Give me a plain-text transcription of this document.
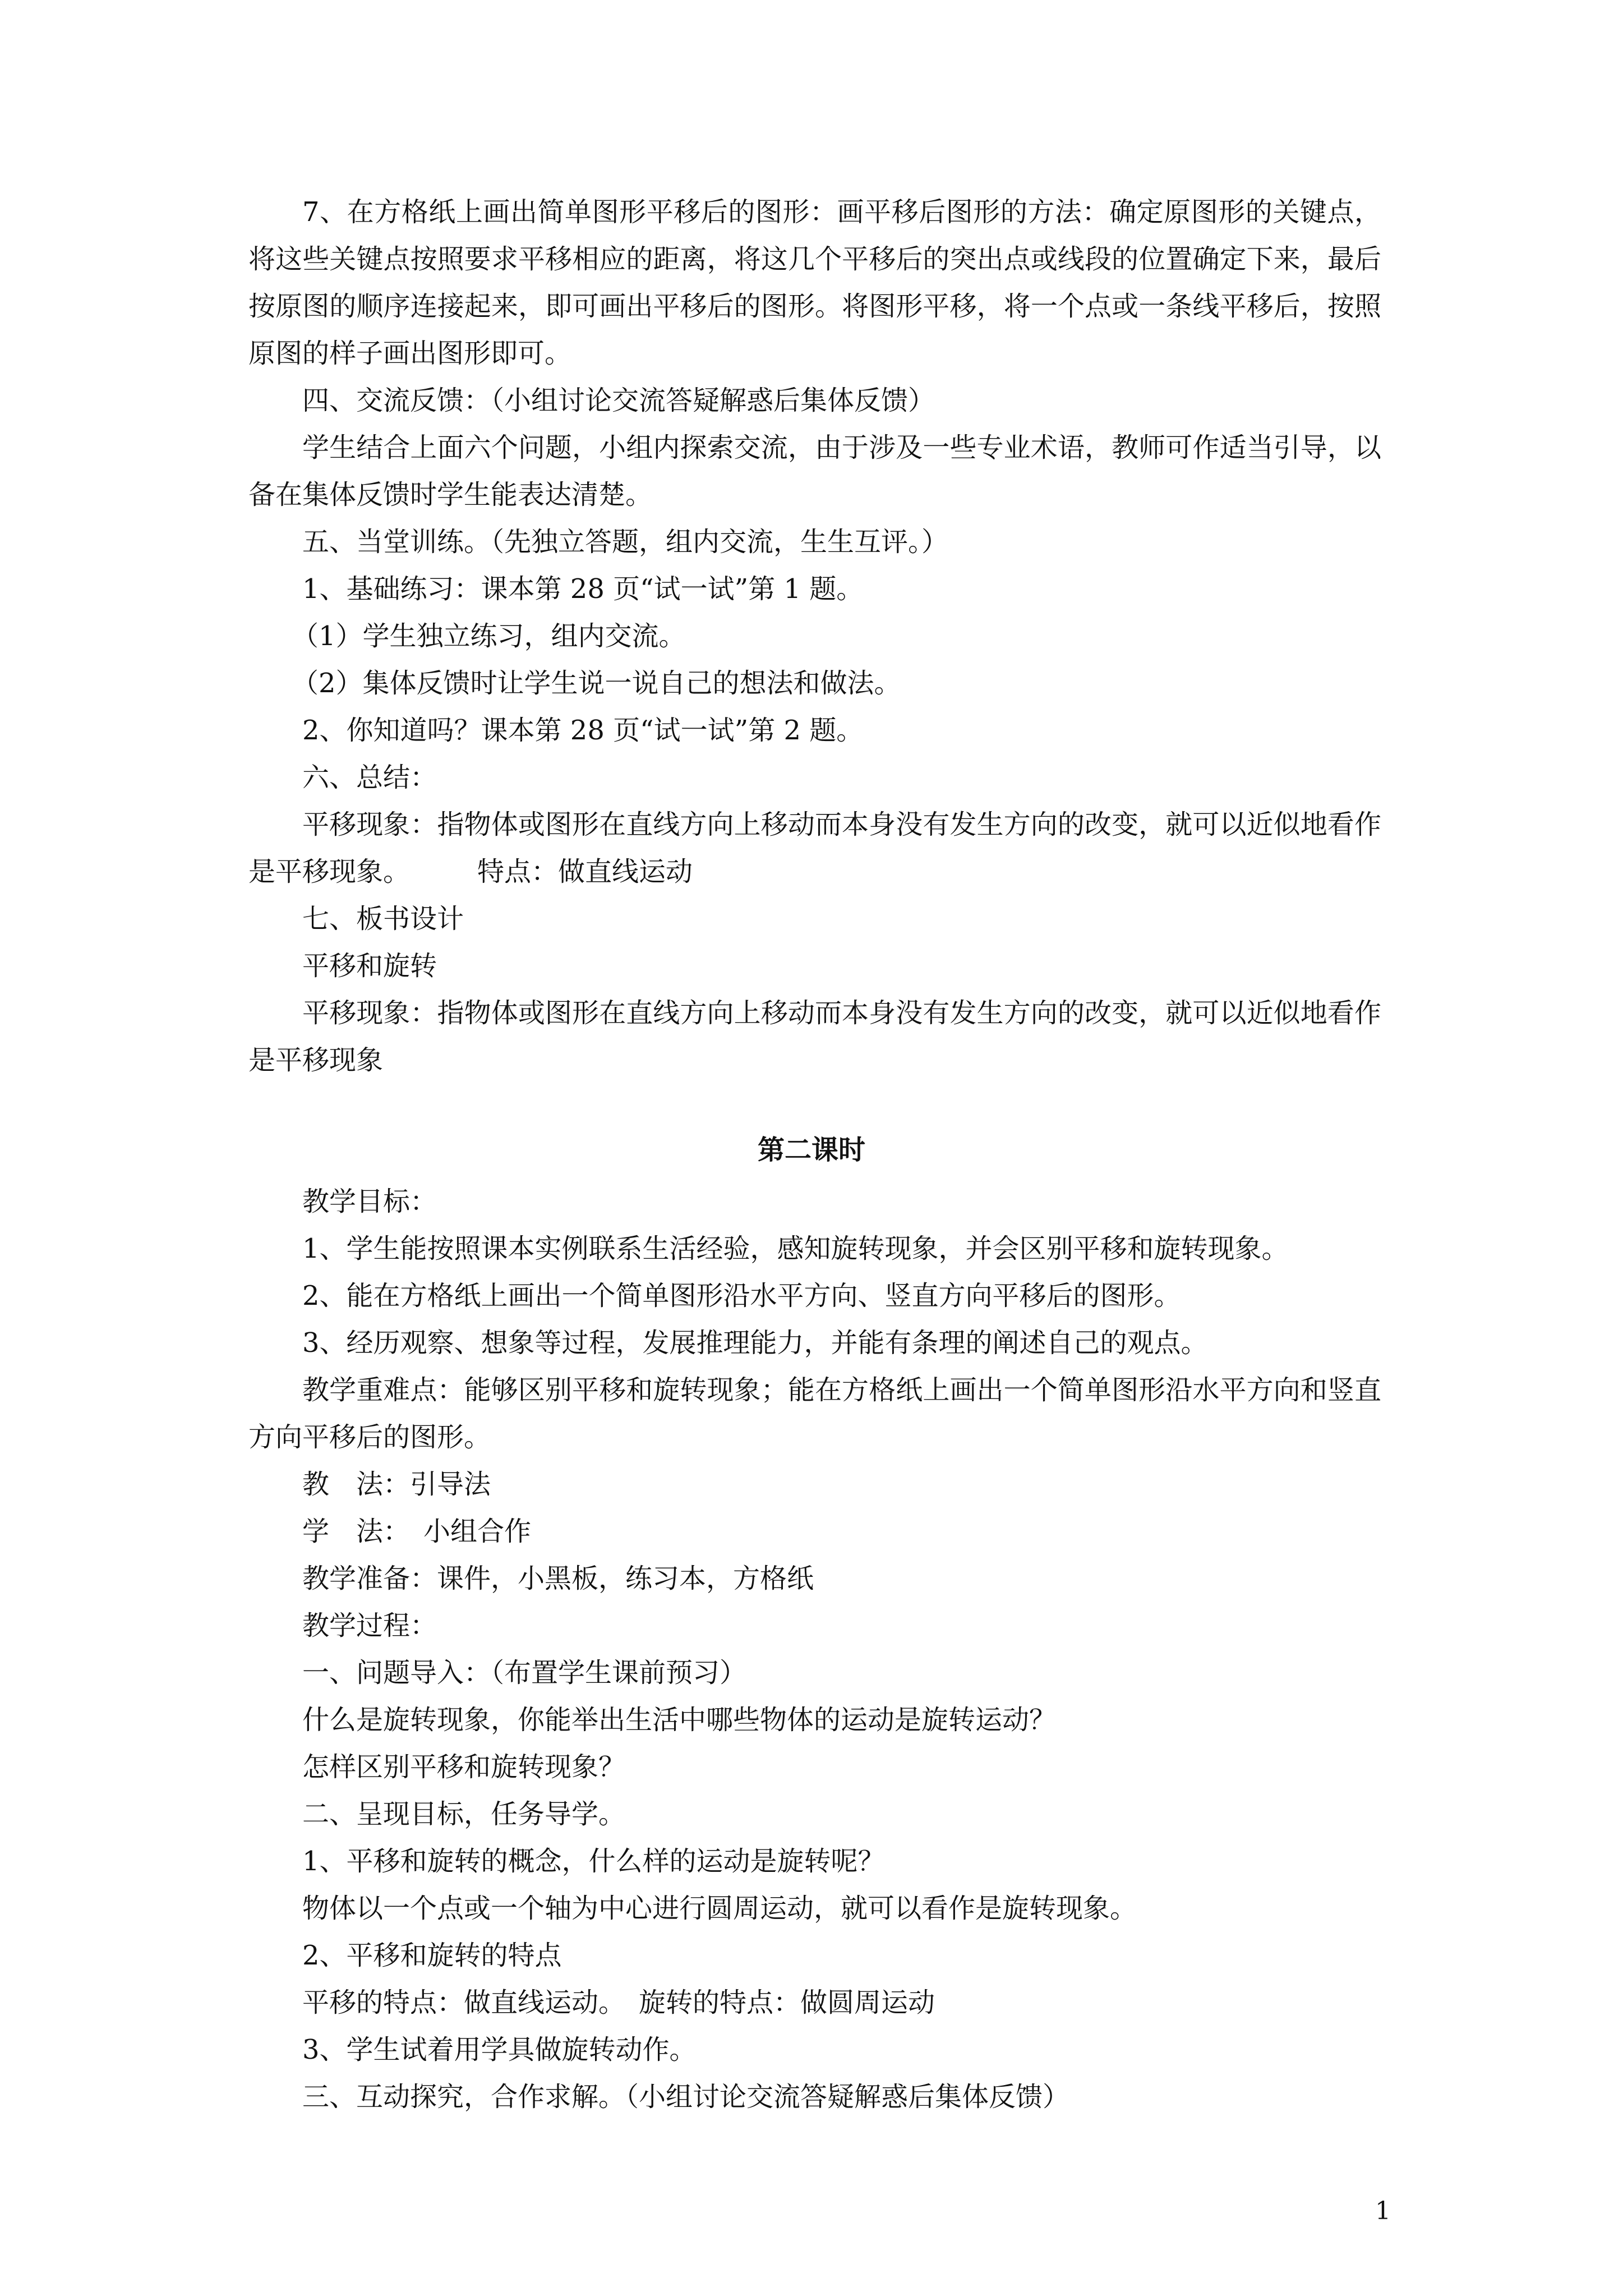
7、在方格纸上画出简单图形平移后的图形：画平移后图形的方法：确定原图形的关键点，将这些关键点按照要求平移相应的距离，将这几个平移后的突出点或线段的位置确定下来，最后按原图的顺序连接起来，即可画出平移后的图形。将图形平移，将一个点或一条线平移后，按照原图的样子画出图形即可。

四、交流反馈：（小组讨论交流答疑解惑后集体反馈）

学生结合上面六个问题，小组内探索交流，由于涉及一些专业术语，教师可作适当引导，以备在集体反馈时学生能表达清楚。

五、当堂训练。（先独立答题，组内交流，生生互评。）

1、基础练习：课本第 28 页“试一试”第 1 题。

（1）学生独立练习，组内交流。

（2）集体反馈时让学生说一说自己的想法和做法。

2、你知道吗？课本第 28 页“试一试”第 2 题。

六、总结：

平移现象：指物体或图形在直线方向上移动而本身没有发生方向的改变，就可以近似地看作是平移现象。　　　特点：做直线运动

七、板书设计

平移和旋转

平移现象：指物体或图形在直线方向上移动而本身没有发生方向的改变，就可以近似地看作是平移现象

第二课时

教学目标：

1、学生能按照课本实例联系生活经验，感知旋转现象，并会区别平移和旋转现象。

2、能在方格纸上画出一个简单图形沿水平方向、竖直方向平移后的图形。

3、经历观察、想象等过程，发展推理能力，并能有条理的阐述自己的观点。

教学重难点：能够区别平移和旋转现象；能在方格纸上画出一个简单图形沿水平方向和竖直方向平移后的图形。

教　法：引导法

学　法：　小组合作

教学准备：课件，小黑板，练习本，方格纸

教学过程：

一、问题导入：（布置学生课前预习）

什么是旋转现象，你能举出生活中哪些物体的运动是旋转运动？

怎样区别平移和旋转现象？

二、呈现目标，任务导学。

1、平移和旋转的概念，什么样的运动是旋转呢？

物体以一个点或一个轴为中心进行圆周运动，就可以看作是旋转现象。

2、平移和旋转的特点

平移的特点：做直线运动。　旋转的特点：做圆周运动

3、学生试着用学具做旋转动作。

三、互动探究，合作求解。（小组讨论交流答疑解惑后集体反馈）

1
